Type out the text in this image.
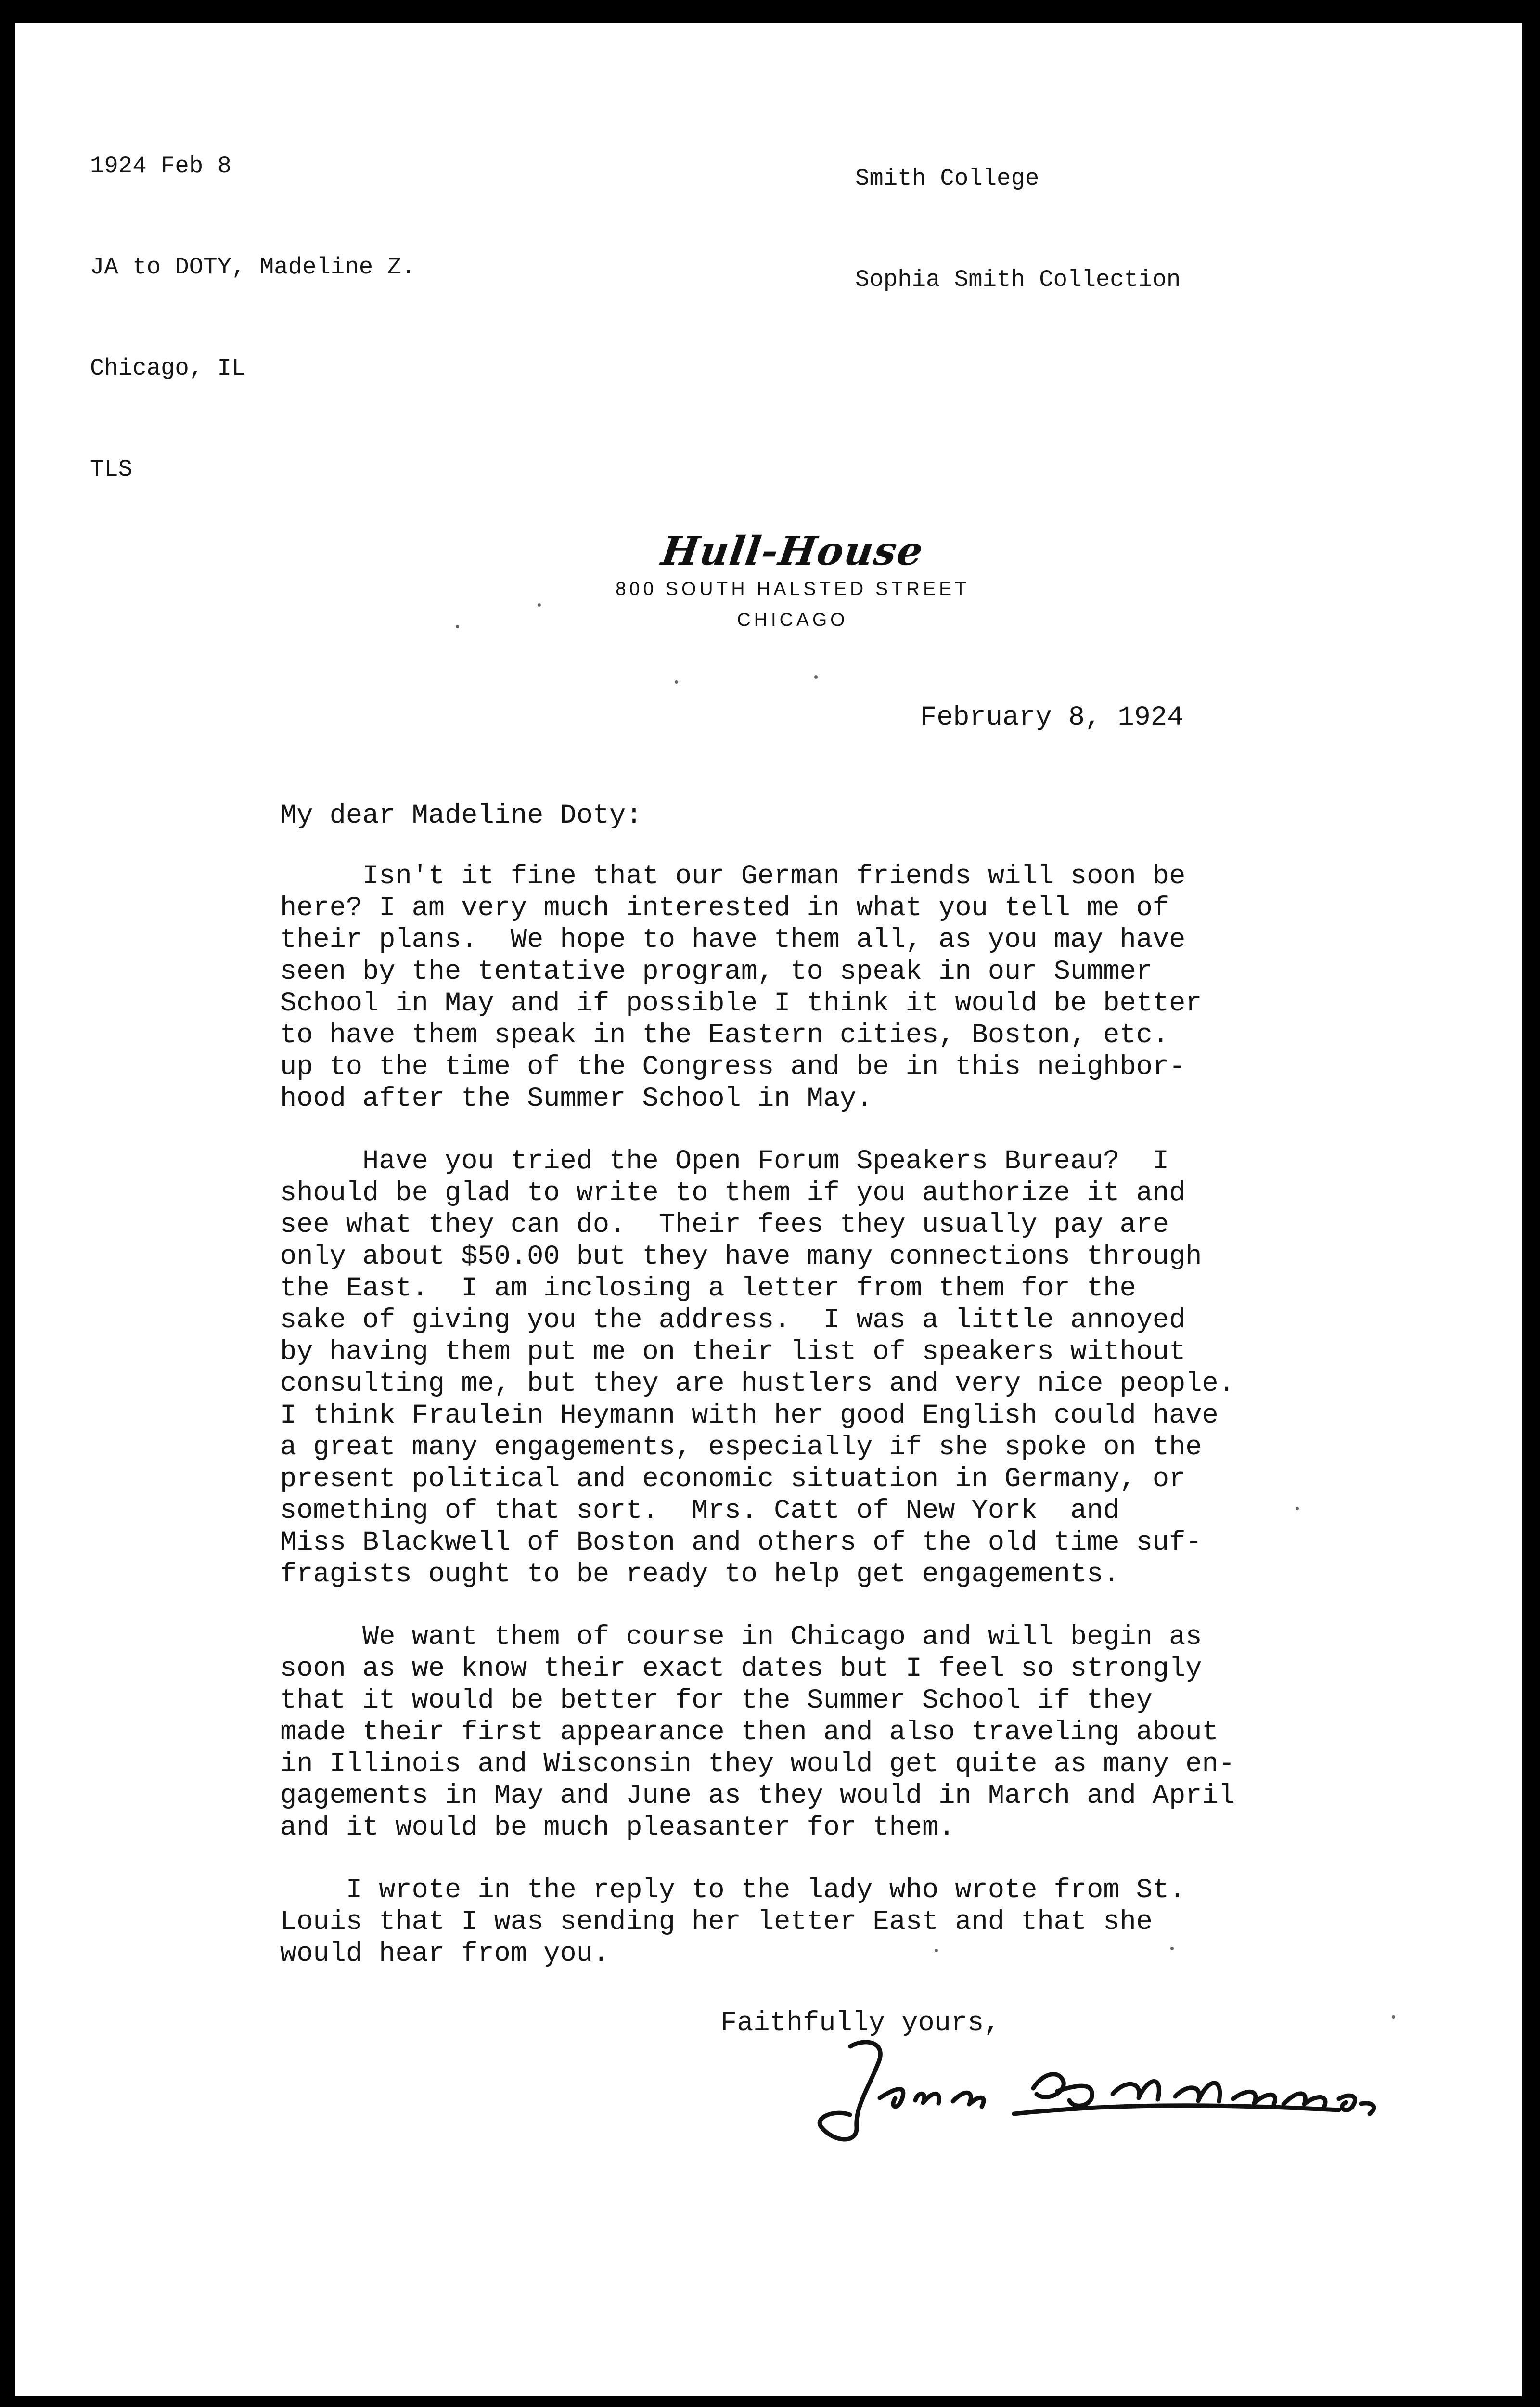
1924 Feb 8

JA to DOTY, Madeline Z.

Chicago, IL

TLS

Smith College

Sophia Smith Collection

Hull-House
800 SOUTH HALSTED STREET
CHICAGO
February 8, 1924
My dear Madeline Doty:
Isn't it fine that our German friends will soon be
here? I am very much interested in what you tell me of
their plans.  We hope to have them all, as you may have
seen by the tentative program, to speak in our Summer
School in May and if possible I think it would be better
to have them speak in the Eastern cities, Boston, etc.
up to the time of the Congress and be in this neighbor-
hood after the Summer School in May.
Have you tried the Open Forum Speakers Bureau?  I
should be glad to write to them if you authorize it and
see what they can do.  Their fees they usually pay are
only about $50.00 but they have many connections through
the East.  I am inclosing a letter from them for the
sake of giving you the address.  I was a little annoyed
by having them put me on their list of speakers without
consulting me, but they are hustlers and very nice people.
I think Fraulein Heymann with her good English could have
a great many engagements, especially if she spoke on the
present political and economic situation in Germany, or
something of that sort.  Mrs. Catt of New York  and
Miss Blackwell of Boston and others of the old time suf-
fragists ought to be ready to help get engagements.
We want them of course in Chicago and will begin as
soon as we know their exact dates but I feel so strongly
that it would be better for the Summer School if they
made their first appearance then and also traveling about
in Illinois and Wisconsin they would get quite as many en-
gagements in May and June as they would in March and April
and it would be much pleasanter for them.
I wrote in the reply to the lady who wrote from St.
Louis that I was sending her letter East and that she
would hear from you.
Faithfully yours,
